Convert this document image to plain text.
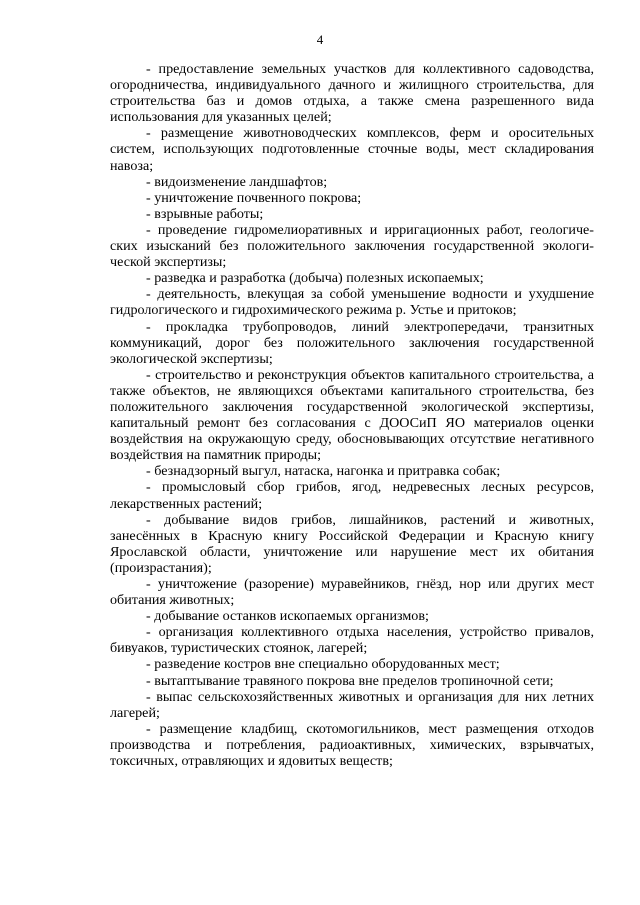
4

- предоставление земельных участков для коллективного садоводства, огородничества, индивидуального дачного и жилищного строительства, для строительства баз и домов отдыха, а также смена разрешенного вида использования для указанных целей;

- размещение животноводческих комплексов, ферм и оросительных систем, использующих подготовленные сточные воды, мест складирования навоза;

- видоизменение ландшафтов;

- уничтожение почвенного покрова;

- взрывные работы;

- проведение гидромелиоративных и ирригационных работ, геологических изысканий без положительного заключения государственной экологической экспертизы;

- разведка и разработка (добыча) полезных ископаемых;

- деятельность, влекущая за собой уменьшение водности и ухудшение гидрологического и гидрохимического режима р. Устье и притоков;

- прокладка трубопроводов, линий электропередачи, транзитных коммуникаций, дорог без положительного заключения государственной экологической экспертизы;

- строительство и реконструкция объектов капитального строительства, а также объектов, не являющихся объектами капитального строительства, без положительного заключения государственной экологической экспертизы, капитальный ремонт без согласования с ДООСиП ЯО материалов оценки воздействия на окружающую среду, обосновывающих отсутствие негативного воздействия на памятник природы;

- безнадзорный выгул, натаска, нагонка и притравка собак;

- промысловый сбор грибов, ягод, недревесных лесных ресурсов, лекарственных растений;

- добывание видов грибов, лишайников, растений и животных, занесённых в Красную книгу Российской Федерации и Красную книгу Ярославской области, уничтожение или нарушение мест их обитания (произрастания);

- уничтожение (разорение) муравейников, гнёзд, нор или других мест обитания животных;

- добывание останков ископаемых организмов;

- организация коллективного отдыха населения, устройство привалов, бивуаков, туристических стоянок, лагерей;

- разведение костров вне специально оборудованных мест;

- вытаптывание травяного покрова вне пределов тропиночной сети;

- выпас сельскохозяйственных животных и организация для них летних лагерей;

- размещение кладбищ, скотомогильников, мест размещения отходов производства и потребления, радиоактивных, химических, взрывчатых, токсичных, отравляющих и ядовитых веществ;
